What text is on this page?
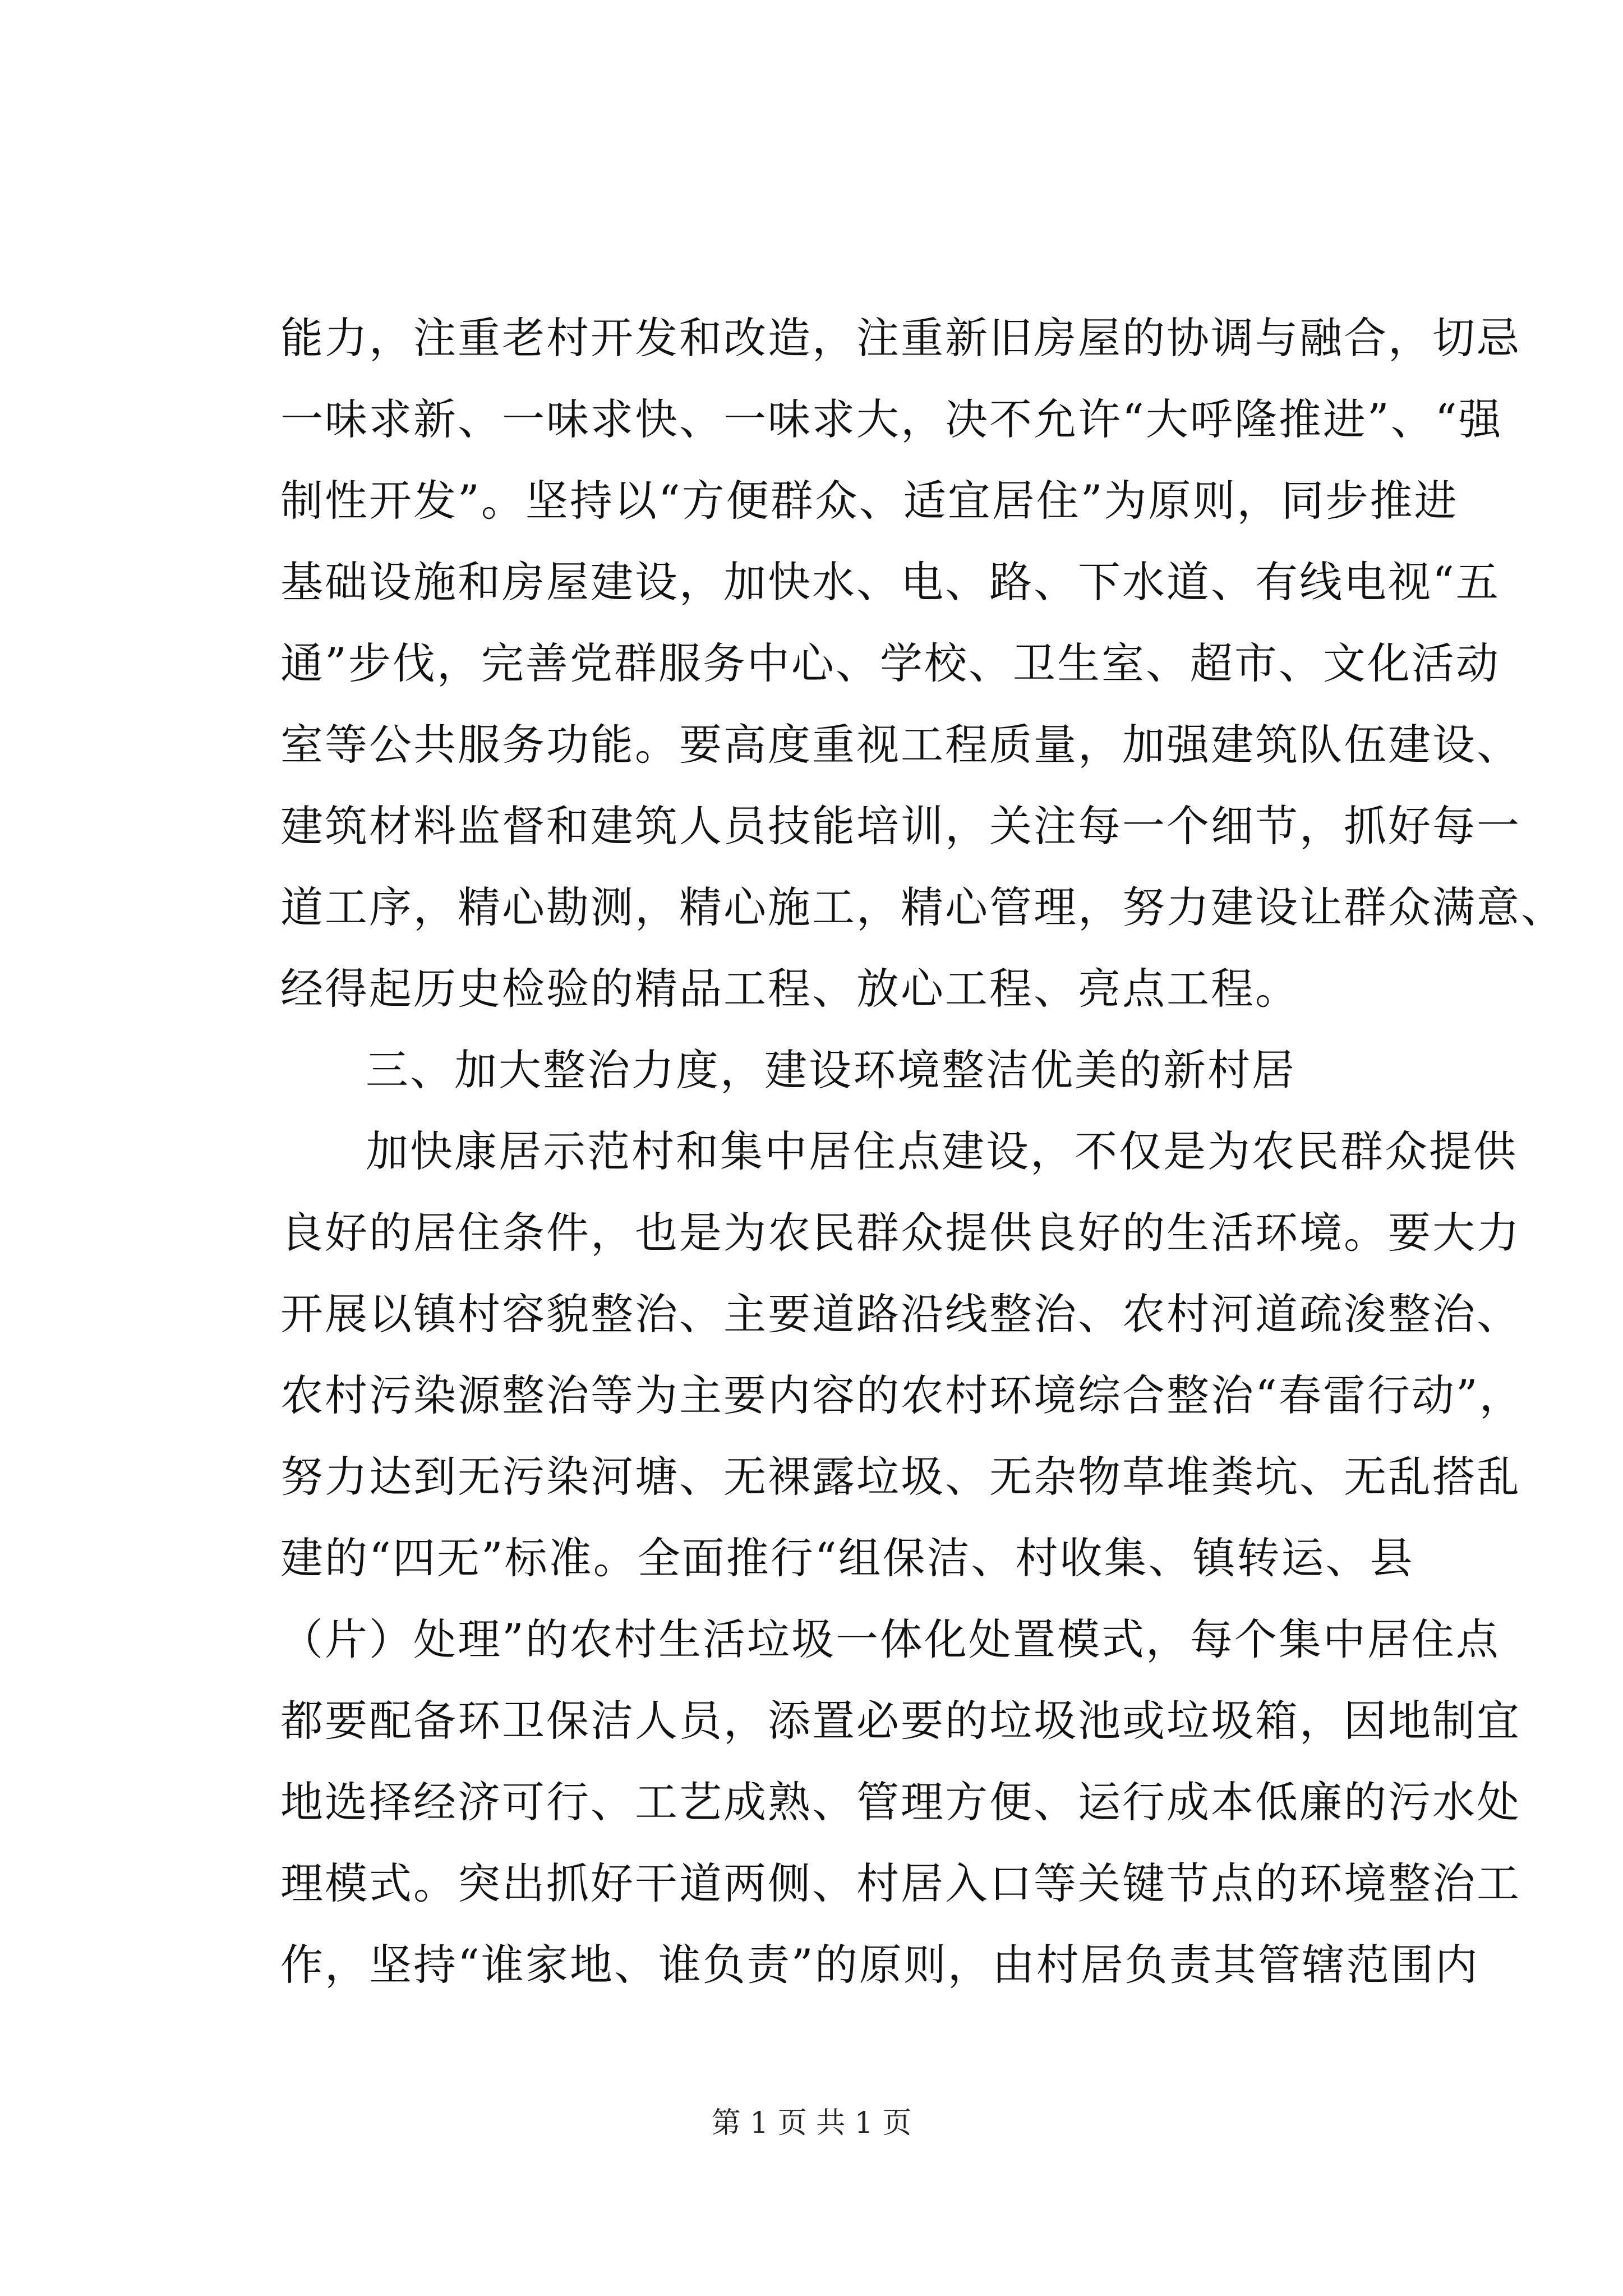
能力，注重老村开发和改造，注重新旧房屋的协调与融合，切忌
一味求新、一味求快、一味求大，决不允许“大呼隆推进”、“强
制性开发”。坚持以“方便群众、适宜居住”为原则，同步推进
基础设施和房屋建设，加快水、电、路、下水道、有线电视“五
通”步伐，完善党群服务中心、学校、卫生室、超市、文化活动
室等公共服务功能。要高度重视工程质量，加强建筑队伍建设、
建筑材料监督和建筑人员技能培训，关注每一个细节，抓好每一
道工序，精心勘测，精心施工，精心管理，努力建设让群众满意、
经得起历史检验的精品工程、放心工程、亮点工程。
三、加大整治力度，建设环境整洁优美的新村居
加快康居示范村和集中居住点建设，不仅是为农民群众提供
良好的居住条件，也是为农民群众提供良好的生活环境。要大力
开展以镇村容貌整治、主要道路沿线整治、农村河道疏浚整治、
农村污染源整治等为主要内容的农村环境综合整治“春雷行动”，
努力达到无污染河塘、无裸露垃圾、无杂物草堆粪坑、无乱搭乱
建的“四无”标准。全面推行“组保洁、村收集、镇转运、县
（片）处理”的农村生活垃圾一体化处置模式，每个集中居住点
都要配备环卫保洁人员，添置必要的垃圾池或垃圾箱，因地制宜
地选择经济可行、工艺成熟、管理方便、运行成本低廉的污水处
理模式。突出抓好干道两侧、村居入口等关键节点的环境整治工
作，坚持“谁家地、谁负责”的原则，由村居负责其管辖范围内
第 1 页 共 1 页
